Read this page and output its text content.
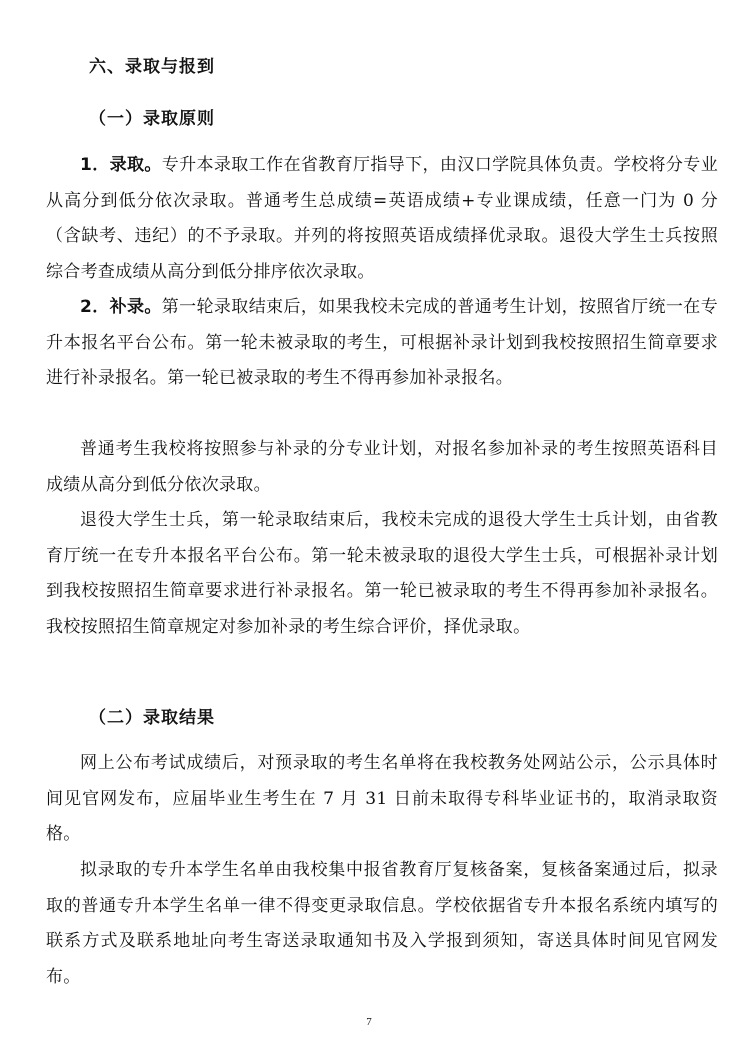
六、录取与报到
（一）录取原则
1．录取。专升本录取工作在省教育厅指导下，由汉口学院具体负责。学校将分专业从高分到低分依次录取。普通考生总成绩=英语成绩+专业课成绩，任意一门为 0 分（含缺考、违纪）的不予录取。并列的将按照英语成绩择优录取。退役大学生士兵按照综合考查成绩从高分到低分排序依次录取。
2．补录。第一轮录取结束后，如果我校未完成的普通考生计划，按照省厅统一在专升本报名平台公布。第一轮未被录取的考生，可根据补录计划到我校按照招生简章要求进行补录报名。第一轮已被录取的考生不得再参加补录报名。
普通考生我校将按照参与补录的分专业计划，对报名参加补录的考生按照英语科目成绩从高分到低分依次录取。
退役大学生士兵，第一轮录取结束后，我校未完成的退役大学生士兵计划，由省教育厅统一在专升本报名平台公布。第一轮未被录取的退役大学生士兵，可根据补录计划到我校按照招生简章要求进行补录报名。第一轮已被录取的考生不得再参加补录报名。我校按照招生简章规定对参加补录的考生综合评价，择优录取。
（二）录取结果
网上公布考试成绩后，对预录取的考生名单将在我校教务处网站公示，公示具体时间见官网发布，应届毕业生考生在 7 月 31 日前未取得专科毕业证书的，取消录取资格。
拟录取的专升本学生名单由我校集中报省教育厅复核备案，复核备案通过后，拟录取的普通专升本学生名单一律不得变更录取信息。学校依据省专升本报名系统内填写的联系方式及联系地址向考生寄送录取通知书及入学报到须知，寄送具体时间见官网发布。
7
